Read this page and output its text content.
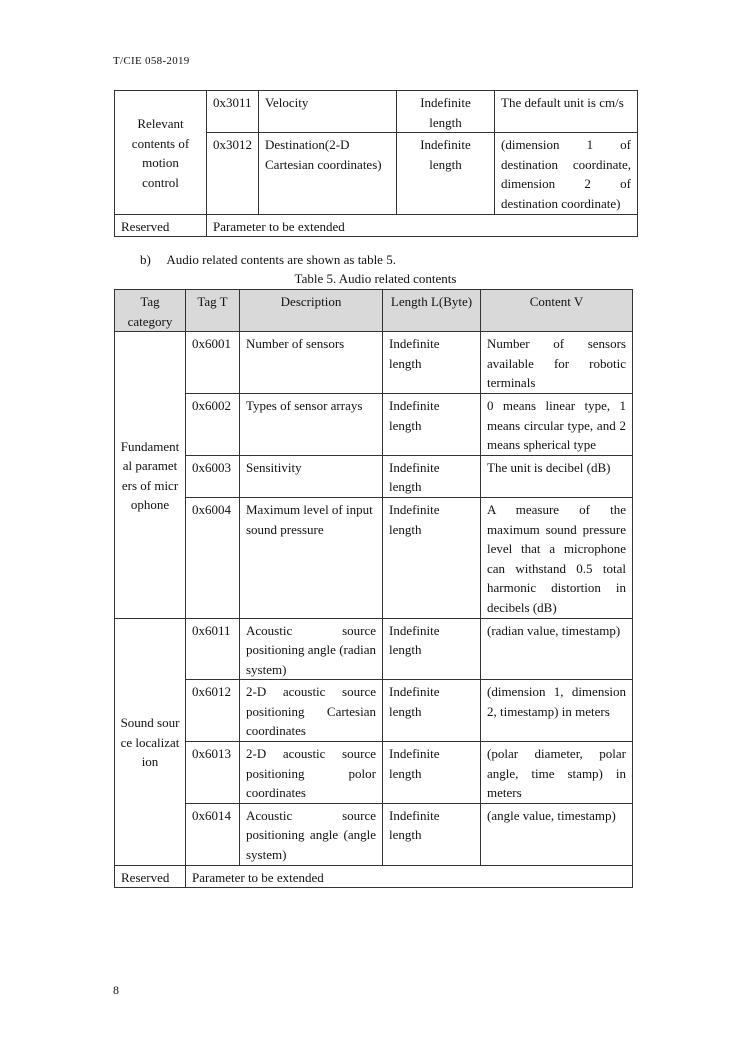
T/CIE 058-2019
Relevant contents of motion control	0x3011	Velocity	Indefinite length	The default unit is cm/s
	0x3012	Destination(2-D Cartesian coordinates)	Indefinite length	(dimension 1 of destination coordinate, dimension 2 of destination coordinate)
Reserved	Parameter to be extended			
b)  Audio related contents are shown as table 5.
Table 5. Audio related contents
Tag category	Tag T	Description	Length L(Byte)	Content V
Fundamental parameters of microphone	0x6001	Number of sensors	Indefinite length	Number of sensors available for robotic terminals
	0x6002	Types of sensor arrays	Indefinite length	0 means linear type, 1 means circular type, and 2 means spherical type
	0x6003	Sensitivity	Indefinite length	The unit is decibel (dB)
	0x6004	Maximum level of input sound pressure	Indefinite length	A measure of the maximum sound pressure level that a microphone can withstand 0.5 total harmonic distortion in decibels (dB)
Sound source localization	0x6011	Acoustic source positioning angle (radian system)	Indefinite length	(radian value, timestamp)
	0x6012	2-D acoustic source positioning Cartesian coordinates	Indefinite length	(dimension 1, dimension 2, timestamp) in meters
	0x6013	2-D acoustic source positioning polor coordinates	Indefinite length	(polar diameter, polar angle, time stamp) in meters
	0x6014	Acoustic source positioning angle (angle system)	Indefinite length	(angle value, timestamp)
Reserved	Parameter to be extended			
8
